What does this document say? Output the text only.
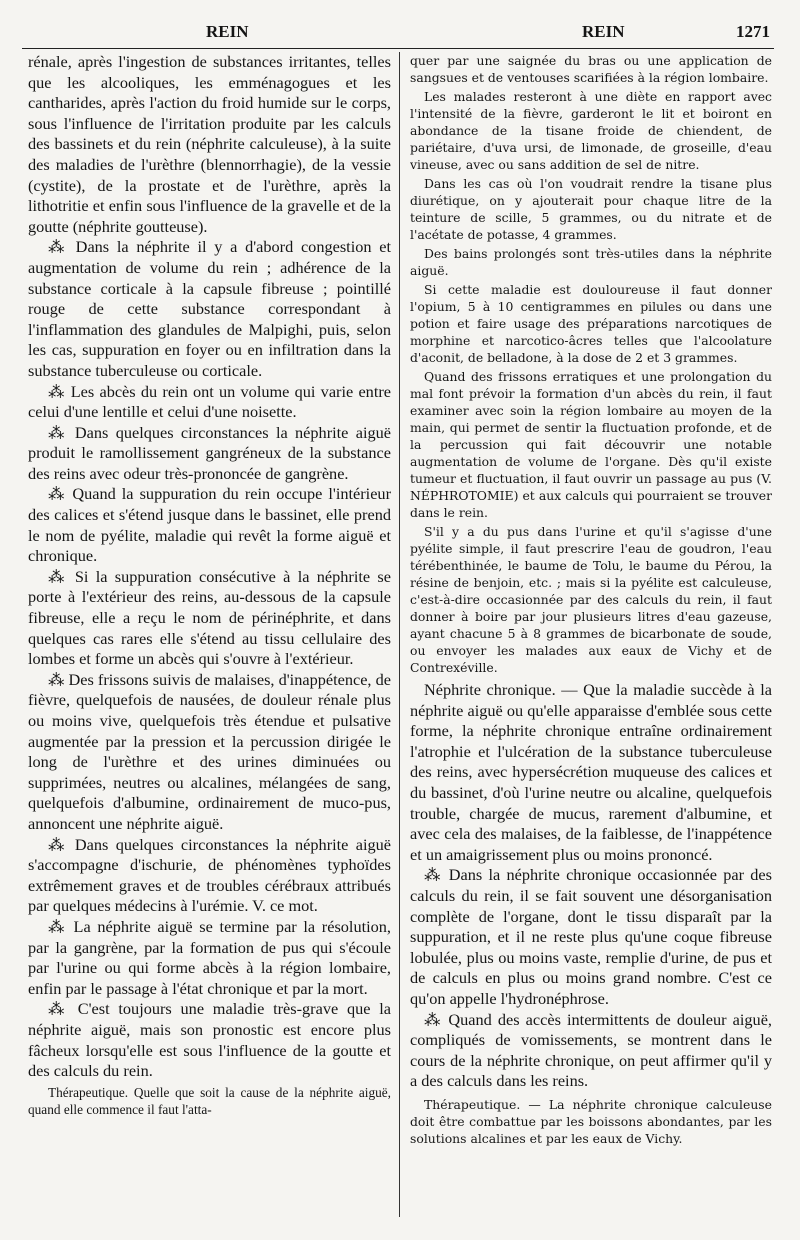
REIN	REIN	1271

rénale, après l'ingestion de substances irritantes, telles que les alcooliques, les emménagogues et les cantharides, après l'action du froid humide sur le corps, sous l'influence de l'irritation produite par les calculs des bassinets et du rein (néphrite calculeuse), à la suite des maladies de l'urèthre (blennorrhagie), de la vessie (cystite), de la prostate et de l'urèthre, après la lithotritie et enfin sous l'influence de la gravelle et de la goutte (néphrite goutteuse).

⁂ Dans la néphrite il y a d'abord congestion et augmentation de volume du rein ; adhérence de la substance corticale à la capsule fibreuse ; pointillé rouge de cette substance correspondant à l'inflammation des glandules de Malpighi, puis, selon les cas, suppuration en foyer ou en infiltration dans la substance tuberculeuse ou corticale.

⁂ Les abcès du rein ont un volume qui varie entre celui d'une lentille et celui d'une noisette.

⁂ Dans quelques circonstances la néphrite aiguë produit le ramollissement gangréneux de la substance des reins avec odeur très-prononcée de gangrène.

⁂ Quand la suppuration du rein occupe l'intérieur des calices et s'étend jusque dans le bassinet, elle prend le nom de pyélite, maladie qui revêt la forme aiguë et chronique.

⁂ Si la suppuration consécutive à la néphrite se porte à l'extérieur des reins, au-dessous de la capsule fibreuse, elle a reçu le nom de périnéphrite, et dans quelques cas rares elle s'étend au tissu cellulaire des lombes et forme un abcès qui s'ouvre à l'extérieur.

⁂ Des frissons suivis de malaises, d'inappétence, de fièvre, quelquefois de nausées, de douleur rénale plus ou moins vive, quelquefois très étendue et pulsative augmentée par la pression et la percussion dirigée le long de l'urèthre et des urines diminuées ou supprimées, neutres ou alcalines, mélangées de sang, quelquefois d'albumine, ordinairement de muco-pus, annoncent une néphrite aiguë.

⁂ Dans quelques circonstances la néphrite aiguë s'accompagne d'ischurie, de phénomènes typhoïdes extrêmement graves et de troubles cérébraux attribués par quelques médecins à l'urémie. V. ce mot.

⁂ La néphrite aiguë se termine par la résolution, par la gangrène, par la formation de pus qui s'écoule par l'urine ou qui forme abcès à la région lombaire, enfin par le passage à l'état chronique et par la mort.

⁂ C'est toujours une maladie très-grave que la néphrite aiguë, mais son pronostic est encore plus fâcheux lorsqu'elle est sous l'influence de la goutte et des calculs du rein.

Thérapeutique. Quelle que soit la cause de la néphrite aiguë, quand elle commence il faut l'atta-

quer par une saignée du bras ou une application de sangsues et de ventouses scarifiées à la région lombaire.

Les malades resteront à une diète en rapport avec l'intensité de la fièvre, garderont le lit et boiront en abondance de la tisane froide de chiendent, de pariétaire, d'uva ursi, de limonade, de groseille, d'eau vineuse, avec ou sans addition de sel de nitre.

Dans les cas où l'on voudrait rendre la tisane plus diurétique, on y ajouterait pour chaque litre de la teinture de scille, 5 grammes, ou du nitrate et de l'acétate de potasse, 4 grammes.

Des bains prolongés sont très-utiles dans la néphrite aiguë.

Si cette maladie est douloureuse il faut donner l'opium, 5 à 10 centigrammes en pilules ou dans une potion et faire usage des préparations narcotiques de morphine et narcotico-âcres telles que l'alcoolature d'aconit, de belladone, à la dose de 2 et 3 grammes.

Quand des frissons erratiques et une prolongation du mal font prévoir la formation d'un abcès du rein, il faut examiner avec soin la région lombaire au moyen de la main, qui permet de sentir la fluctuation profonde, et de la percussion qui fait découvrir une notable augmentation de volume de l'organe. Dès qu'il existe tumeur et fluctuation, il faut ouvrir un passage au pus (V. NÉPHROTOMIE) et aux calculs qui pourraient se trouver dans le rein.

S'il y a du pus dans l'urine et qu'il s'agisse d'une pyélite simple, il faut prescrire l'eau de goudron, l'eau térébenthinée, le baume de Tolu, le baume du Pérou, la résine de benjoin, etc. ; mais si la pyélite est calculeuse, c'est-à-dire occasionnée par des calculs du rein, il faut donner à boire par jour plusieurs litres d'eau gazeuse, ayant chacune 5 à 8 grammes de bicarbonate de soude, ou envoyer les malades aux eaux de Vichy et de Contrexéville.

Néphrite chronique. — Que la maladie succède à la néphrite aiguë ou qu'elle apparaisse d'emblée sous cette forme, la néphrite chronique entraîne ordinairement l'atrophie et l'ulcération de la substance tuberculeuse des reins, avec hypersécrétion muqueuse des calices et du bassinet, d'où l'urine neutre ou alcaline, quelquefois trouble, chargée de mucus, rarement d'albumine, et avec cela des malaises, de la faiblesse, de l'inappétence et un amaigrissement plus ou moins prononcé.

⁂ Dans la néphrite chronique occasionnée par des calculs du rein, il se fait souvent une désorganisation complète de l'organe, dont le tissu disparaît par la suppuration, et il ne reste plus qu'une coque fibreuse lobulée, plus ou moins vaste, remplie d'urine, de pus et de calculs en plus ou moins grand nombre. C'est ce qu'on appelle l'hydronéphrose.

⁂ Quand des accès intermittents de douleur aiguë, compliqués de vomissements, se montrent dans le cours de la néphrite chronique, on peut affirmer qu'il y a des calculs dans les reins.

Thérapeutique. — La néphrite chronique calculeuse doit être combattue par les boissons abondantes, par les solutions alcalines et par les eaux de Vichy.
